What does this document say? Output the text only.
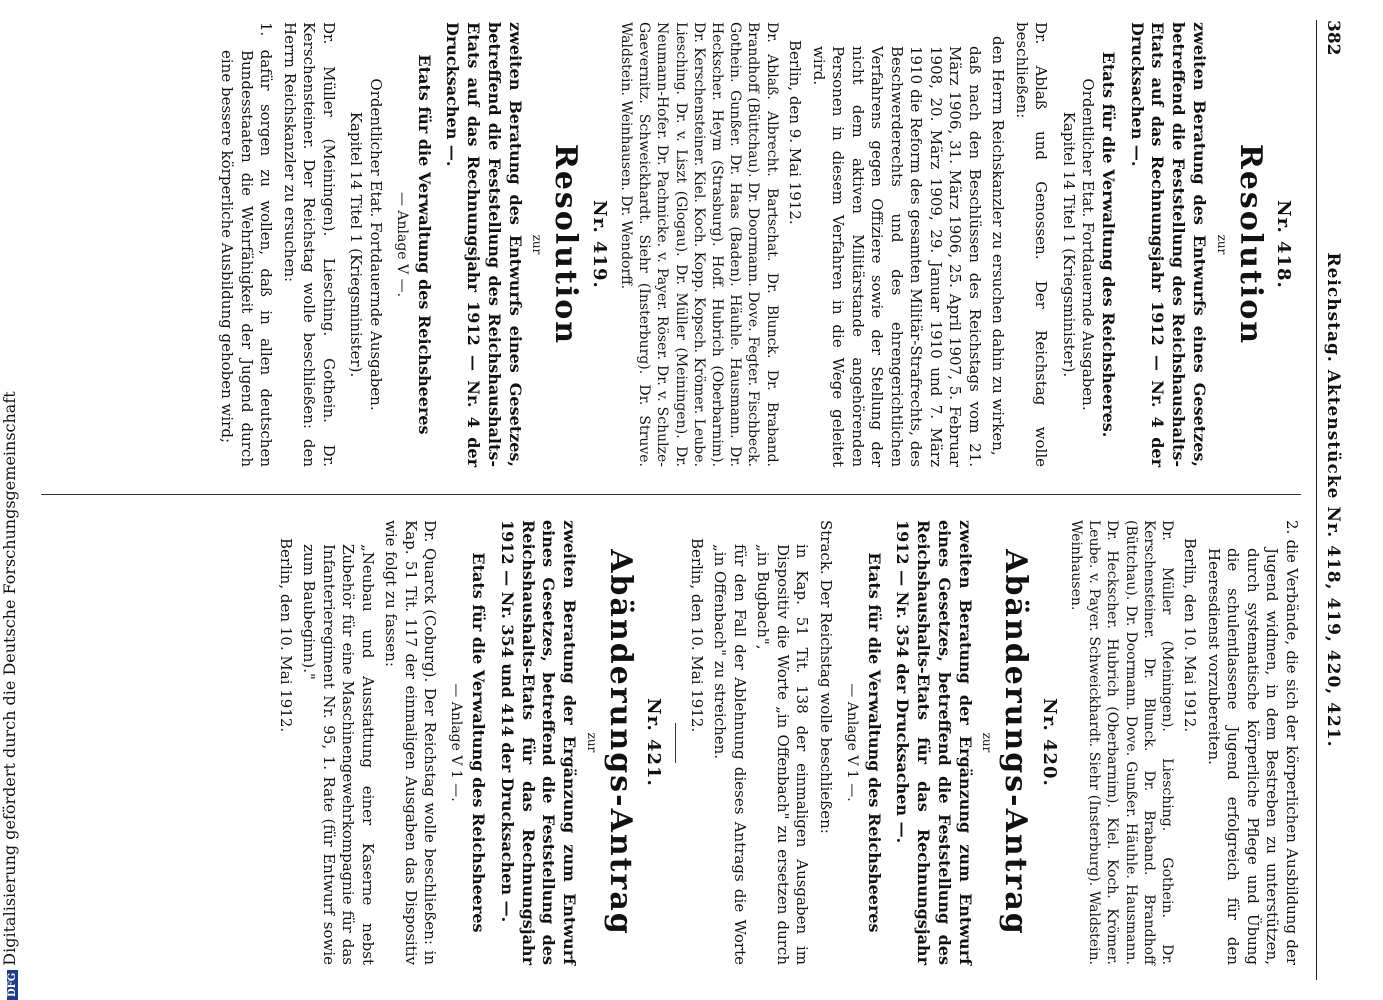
382
Reichstag. Aktenstücke Nr. 418, 419, 420, 421.
Nr. 418.
Resolution
zur

zweiten Beratung des Entwurfs eines Gesetzes, betreffend die Feststellung des Reichshaushalts-Etats auf das Rechnungsjahr 1912 — Nr. 4 der Drucksachen —.

Etats für die Verwaltung des Reichsheeres.
Ordentlicher Etat. Fortdauernde Ausgaben.
Kapitel 14 Titel 1 (Kriegsminister).

Dr. Ablaß und Genossen. Der Reichstag wolle beschließen:

den Herrn Reichskanzler zu ersuchen dahin zu wirken,

daß nach den Beschlüssen des Reichstags vom 21. März 1906, 31. März 1906, 25. April 1907, 5. Februar 1908, 20. März 1909, 29. Januar 1910 und 7. März 1910 die Reform des gesamten Militär-Strafrechts, des Beschwerderechts und des ehrengerichtlichen Verfahrens gegen Offiziere sowie der Stellung der nicht dem aktiven Militärstande angehörenden Personen in diesem Verfahren in die Wege geleitet wird.

Berlin, den 9. Mai 1912.

Dr. Ablaß. Albrecht. Bartschat. Dr. Blunck. Dr. Braband. Brandhoff (Büttchau). Dr. Doormann. Dove. Fegter. Fischbeck. Gothein. Gunßer. Dr. Haas (Baden). Häuhle. Hausmann. Dr. Heckscher. Heym (Strasburg). Hoff. Hubrich (Oberbarnim). Dr. Kerschensteiner. Kiel. Koch. Kopp. Kopsch. Krömer. Leube. Liesching. Dr. v. Liszt (Glogau). Dr. Müller (Meiningen). Dr. Neumann-Hofer. Dr. Pachnicke. v. Payer. Röser. Dr. v. Schulze-Gaevernitz. Schweickhardt. Siehr (Insterburg). Dr. Struve. Waldstein. Weinhausen. Dr. Wendorff.

Nr. 419.
Resolution
zur

zweiten Beratung des Entwurfs eines Gesetzes, betreffend die Feststellung des Reichshaushalts-Etats auf das Rechnungsjahr 1912 — Nr. 4 der Drucksachen —.

Etats für die Verwaltung des Reichsheeres
— Anlage V —.
Ordentlicher Etat. Fortdauernde Ausgaben.
Kapitel 14 Titel 1 (Kriegsminister).

Dr. Müller (Meiningen). Liesching. Gothein. Dr. Kerschensteiner. Der Reichstag wolle beschließen: den Herrn Reichskanzler zu ersuchen:

1. dafür sorgen zu wollen, daß in allen deutschen Bundesstaaten die Wehrfähigkeit der Jugend durch eine bessere körperliche Ausbildung gehoben wird;

2. die Verbände, die sich der körperlichen Ausbildung der Jugend widmen, in dem Bestreben zu unterstützen, durch systematische körperliche Pflege und Übung die schulentlassene Jugend erfolgreich für den Heeresdienst vorzubereiten.

Berlin, den 10. Mai 1912.

Dr. Müller (Meiningen). Liesching. Gothein. Dr. Kerschensteiner. Dr. Blunck. Dr. Braband. Brandhoff (Büttchau). Dr. Doormann. Dove. Gunßer. Häuhle. Hausmann. Dr. Heckscher. Hubrich (Oberbarnim). Kiel. Koch. Krömer. Leube. v. Payer. Schweickhardt. Siehr (Insterburg). Waldstein. Weinhausen.

Nr. 420.
Abänderungs-Antrag
zur

zweiten Beratung der Ergänzung zum Entwurf eines Gesetzes, betreffend die Feststellung des Reichshaushalts-Etats für das Rechnungsjahr 1912 — Nr. 354 der Drucksachen —.

Etats für die Verwaltung des Reichsheeres
— Anlage V 1 —.

Strack. Der Reichstag wolle beschließen:

in Kap. 51 Tit. 138 der einmaligen Ausgaben im Dispositiv die Worte „in Offenbach" zu ersetzen durch „in Bugbach",

für den Fall der Ablehnung dieses Antrags die Worte „in Offenbach" zu streichen.

Berlin, den 10. Mai 1912.

Nr. 421.
Abänderungs-Antrag
zur

zweiten Beratung der Ergänzung zum Entwurf eines Gesetzes, betreffend die Feststellung des Reichshaushalts-Etats für das Rechnungsjahr 1912 — Nr. 354 und 414 der Drucksachen —.

Etats für die Verwaltung des Reichsheeres
— Anlage V 1 —.

Dr. Quarck (Coburg). Der Reichstag wolle beschließen: in Kap. 51 Tit. 117 der einmaligen Ausgaben das Dispositiv wie folgt zu fassen:

„Neubau und Ausstattung einer Kaserne nebst Zubehör für eine Maschinengewehrkompagnie für das Infanterieregiment Nr. 95, 1. Rate (für Entwurf sowie zum Baubeginn)."

Berlin, den 10. Mai 1912.

DFGDigitalisierung gefördert durch die Deutsche Forschungsgemeinschaft
